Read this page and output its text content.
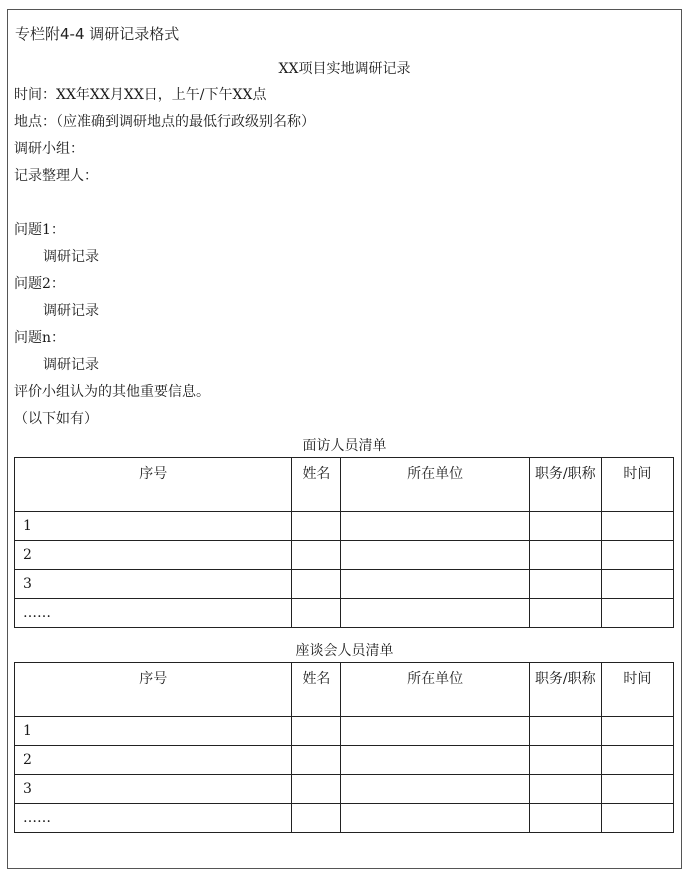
专栏附4-4 调研记录格式
XX项目实地调研记录
时间：XX年XX月XX日，上午/下午XX点
地点：（应准确到调研地点的最低行政级别名称）
调研小组：
记录整理人：
问题1：
调研记录
问题2：
调研记录
问题n：
调研记录
评价小组认为的其他重要信息。
（以下如有）
面访人员清单
序号	姓名	所在单位	职务/职称	时间
1				
2				
3				
……				
座谈会人员清单
序号	姓名	所在单位	职务/职称	时间
1				
2				
3				
……				
